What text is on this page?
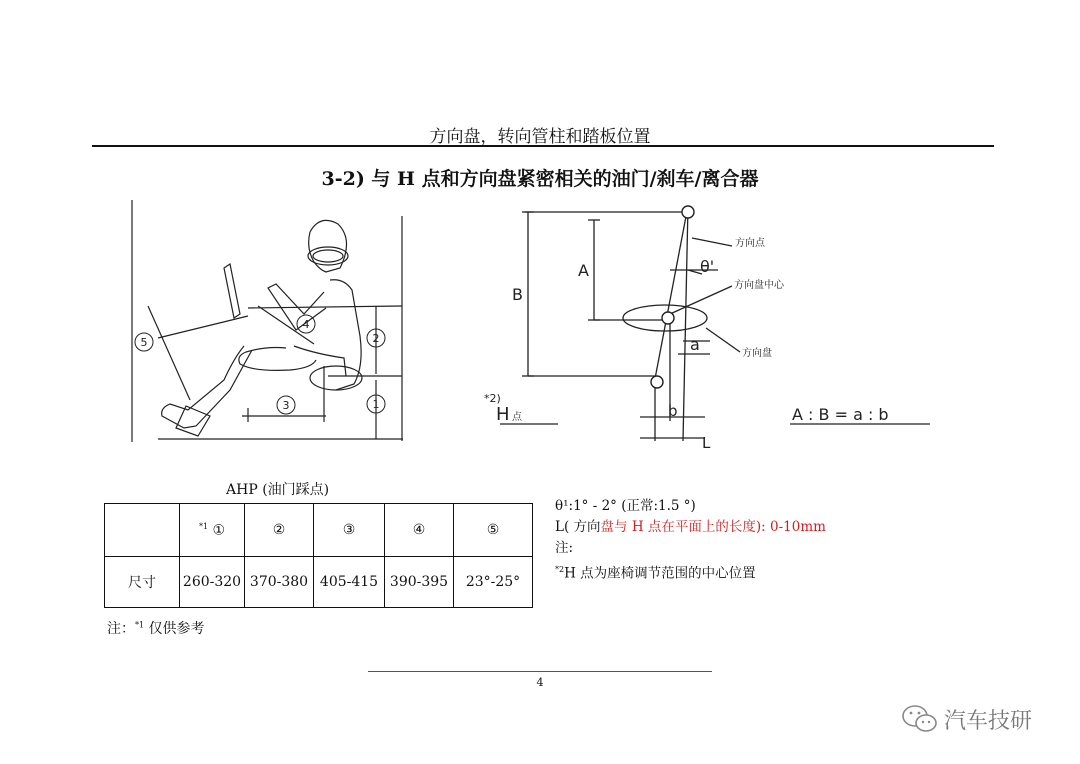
方向盘，转向管柱和踏板位置
3-2) 与 H 点和方向盘紧密相关的油门/刹车/离合器
5
4
2
3	1
A
B
θ'
a
b
L
*2)
H 点
方向点
方向盘中心
方向盘
A : B = a : b
AHP (油门踩点)
	$^{*1}$ ①	②	③	④	⑤
尺寸	260-320	370-380	405-415	390-395	23°-25°
注：$^{*1}$ 仅供参考
θ¹:1° - 2° (正常:1.5 °)
L( 方向盘与 H 点在平面上的长度): 0-10mm
注:
$^{*2}$H 点为座椅调节范围的中心位置
4
汽车技研
